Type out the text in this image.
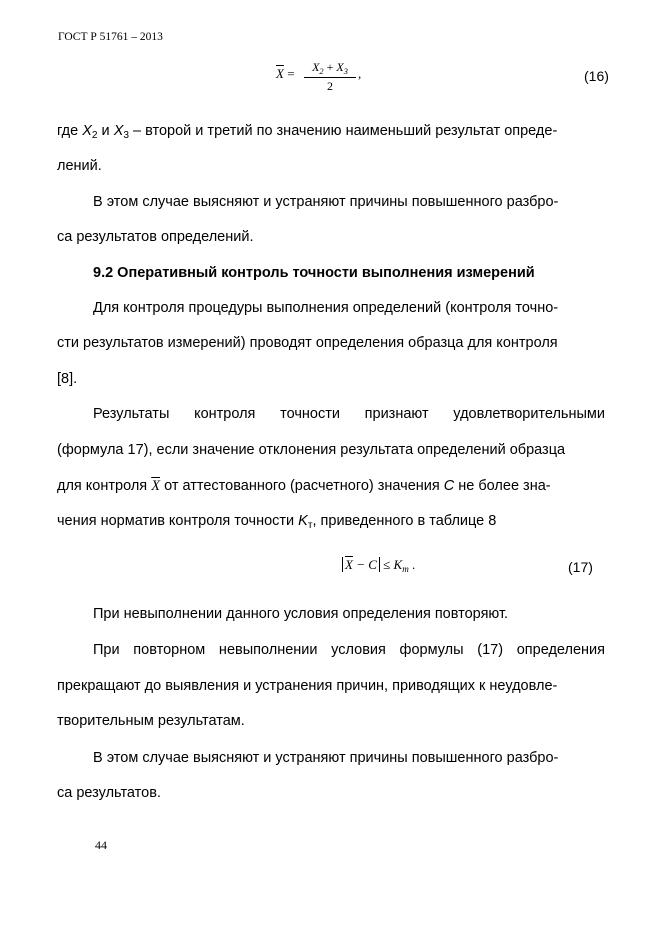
ГОСТ Р 51761 – 2013
$\overline{X}$ =	$X_2 + X_3$
2
,	(16)
где $X_2$ и $X_3$ – второй и третий по значению наименьший результат опреде-
лений.
В этом случае выясняют и устраняют причины повышенного разбро-
са результатов определений.
9.2 Оперативный контроль точности выполнения измерений
Для контроля процедуры выполнения определений (контроля точно-
сти результатов измерений) проводят определения образца для контроля
[8].
Результаты контроля точности признают удовлетворительными
(формула 17), если значение отклонения результата определений образца
для контроля $\overline{X}$ от аттестованного (расчетного) значения C не более зна-
чения норматив контроля точности $K_т$, приведенного в таблице 8
$\overline{X} - C \le K_т$ .	(17)
При невыполнении данного условия определения повторяют.
При повторном невыполнении условия формулы (17) определения
прекращают до выявления и устранения причин, приводящих к неудовле-
творительным результатам.
В этом случае выясняют и устраняют причины повышенного разбро-
са результатов.
44
